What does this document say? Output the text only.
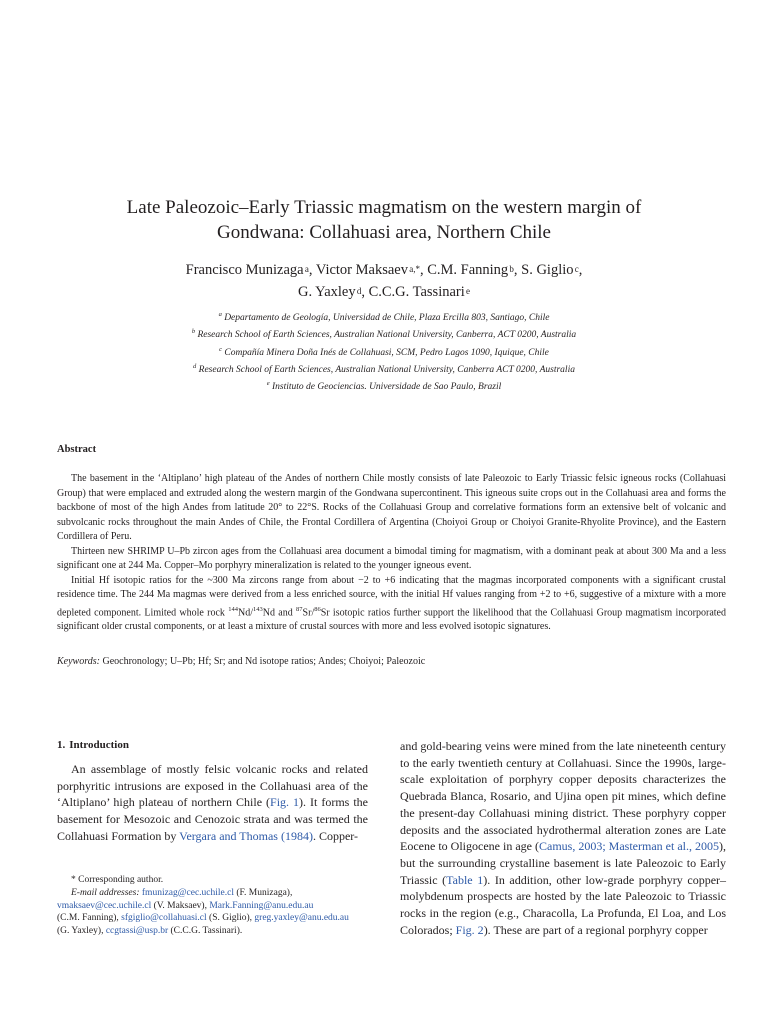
Late Paleozoic–Early Triassic magmatism on the western margin of
Gondwana: Collahuasi area, Northern Chile
Francisco Munizaga $^a$, Victor Maksaev $^{a,*}$, C.M. Fanning $^b$, S. Giglio $^c$,
G. Yaxley $^d$, C.C.G. Tassinari $^e$
$^a$ Departamento de Geología, Universidad de Chile, Plaza Ercilla 803, Santiago, Chile
$^b$ Research School of Earth Sciences, Australian National University, Canberra, ACT 0200, Australia
$^c$ Compañía Minera Doña Inés de Collahuasi, SCM, Pedro Lagos 1090, Iquique, Chile
$^d$ Research School of Earth Sciences, Australian National University, Canberra ACT 0200, Australia
$^e$ Instituto de Geociencias. Universidade de Sao Paulo, Brazil
Abstract

The basement in the ‘Altiplano’ high plateau of the Andes of northern Chile mostly consists of late Paleozoic to Early Triassic felsic igneous rocks (Collahuasi Group) that were emplaced and extruded along the western margin of the Gondwana supercontinent. This igneous suite crops out in the Collahuasi area and forms the backbone of most of the high Andes from latitude 20° to 22°S. Rocks of the Collahuasi Group and correlative formations form an extensive belt of volcanic and subvolcanic rocks throughout the main Andes of Chile, the Frontal Cordillera of Argentina (Choiyoi Group or Choiyoi Granite-Rhyolite Province), and the Eastern Cordillera of Peru.

Thirteen new SHRIMP U–Pb zircon ages from the Collahuasi area document a bimodal timing for magmatism, with a dominant peak at about 300 Ma and a less significant one at 244 Ma. Copper–Mo porphyry mineralization is related to the younger igneous event.

Initial Hf isotopic ratios for the ~300 Ma zircons range from about −2 to +6 indicating that the magmas incorporated components with a significant crustal residence time. The 244 Ma magmas were derived from a less enriched source, with the initial Hf values ranging from +2 to +6, suggestive of a mixture with a more depleted component. Limited whole rock $^{144}$Nd/$^{143}$Nd and $^{87}$Sr/$^{86}$Sr isotopic ratios further support the likelihood that the Collahuasi Group magmatism incorporated significant older crustal components, or at least a mixture of crustal sources with more and less evolved isotopic signatures.

Keywords: Geochronology; U–Pb; Hf; Sr; and Nd isotope ratios; Andes; Choiyoi; Paleozoic
1. Introduction

An assemblage of mostly felsic volcanic rocks and related porphyritic intrusions are exposed in the Collahuasi area of the ‘Altiplano’ high plateau of northern Chile (Fig. 1). It forms the basement for Mesozoic and Cenozoic strata and was termed the Collahuasi Formation by Vergara and Thomas (1984). Copper-

* Corresponding author.

E-mail addresses: fmunizag@cec.uchile.cl (F. Munizaga),

vmaksaev@cec.uchile.cl (V. Maksaev), Mark.Fanning@anu.edu.au

(C.M. Fanning), sfgiglio@collahuasi.cl (S. Giglio), greg.yaxley@anu.edu.au

(G. Yaxley), ccgtassi@usp.br (C.C.G. Tassinari).

and gold-bearing veins were mined from the late nineteenth century to the early twentieth century at Collahuasi. Since the 1990s, large-scale exploitation of porphyry copper deposits characterizes the Quebrada Blanca, Rosario, and Ujina open pit mines, which define the present-day Collahuasi mining district. These porphyry copper deposits and the associated hydrothermal alteration zones are Late Eocene to Oligocene in age (Camus, 2003; Masterman et al., 2005), but the surrounding crystalline basement is late Paleozoic to Early Triassic (Table 1). In addition, other low-grade porphyry copper–molybdenum prospects are hosted by the late Paleozoic to Triassic rocks in the region (e.g., Characolla, La Profunda, El Loa, and Los Colorados; Fig. 2). These are part of a regional porphyry copper
